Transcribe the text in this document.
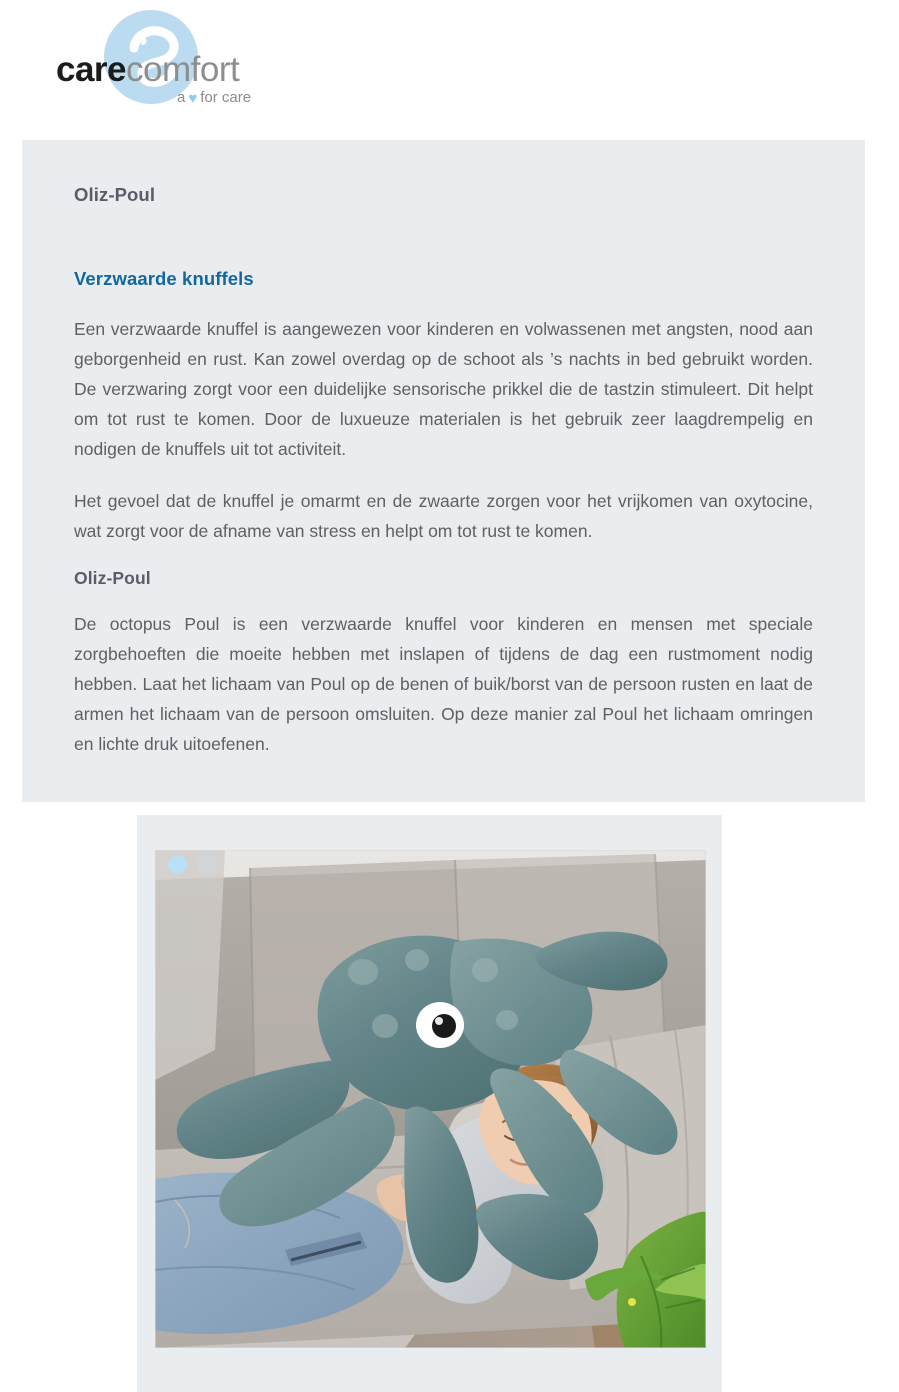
carecomfort
a ♥ for care
Oliz-Poul
Verzwaarde knuffels

Een verzwaarde knuffel is aangewezen voor kinderen en volwassenen met angsten, nood aan geborgenheid en rust. Kan zowel overdag op de schoot als ’s nachts in bed gebruikt worden. De verzwaring zorgt voor een duidelijke sensorische prikkel die de tastzin stimuleert. Dit helpt om tot rust te komen. Door de luxueuze materialen is het gebruik zeer laagdrempelig en nodigen de knuffels uit tot activiteit.

Het gevoel dat de knuffel je omarmt en de zwaarte zorgen voor het vrijkomen van oxytocine, wat zorgt voor de afname van stress en helpt om tot rust te komen.

Oliz-Poul

De octopus Poul is een verzwaarde knuffel voor kinderen en mensen met speciale zorgbehoeften die moeite hebben met inslapen of tijdens de dag een rustmoment nodig hebben. Laat het lichaam van Poul op de benen of buik/borst van de persoon rusten en laat de armen het lichaam van de persoon omsluiten. Op deze manier zal Poul het lichaam omringen en lichte druk uitoefenen.
